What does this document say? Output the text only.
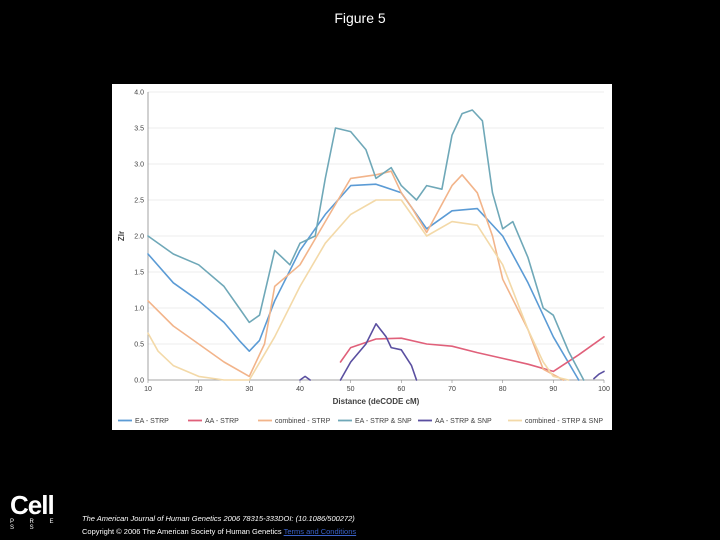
Figure 5
0.0
0.5
1.0
1.5
2.0
2.5
3.0
3.5
4.0
10	20	30	40	50	60	70	80	90	100
Distance (deCODE cM)
Zlr
EA - STRP	AA - STRP	combined - STRP	EA - STRP & SNP	AA - STRP & SNP	combined - STRP & SNP
Cell
P R E S S
The American Journal of Human Genetics 2006 78315-333DOI: (10.1086/500272)
Copyright © 2006 The American Society of Human Genetics Terms and Conditions
